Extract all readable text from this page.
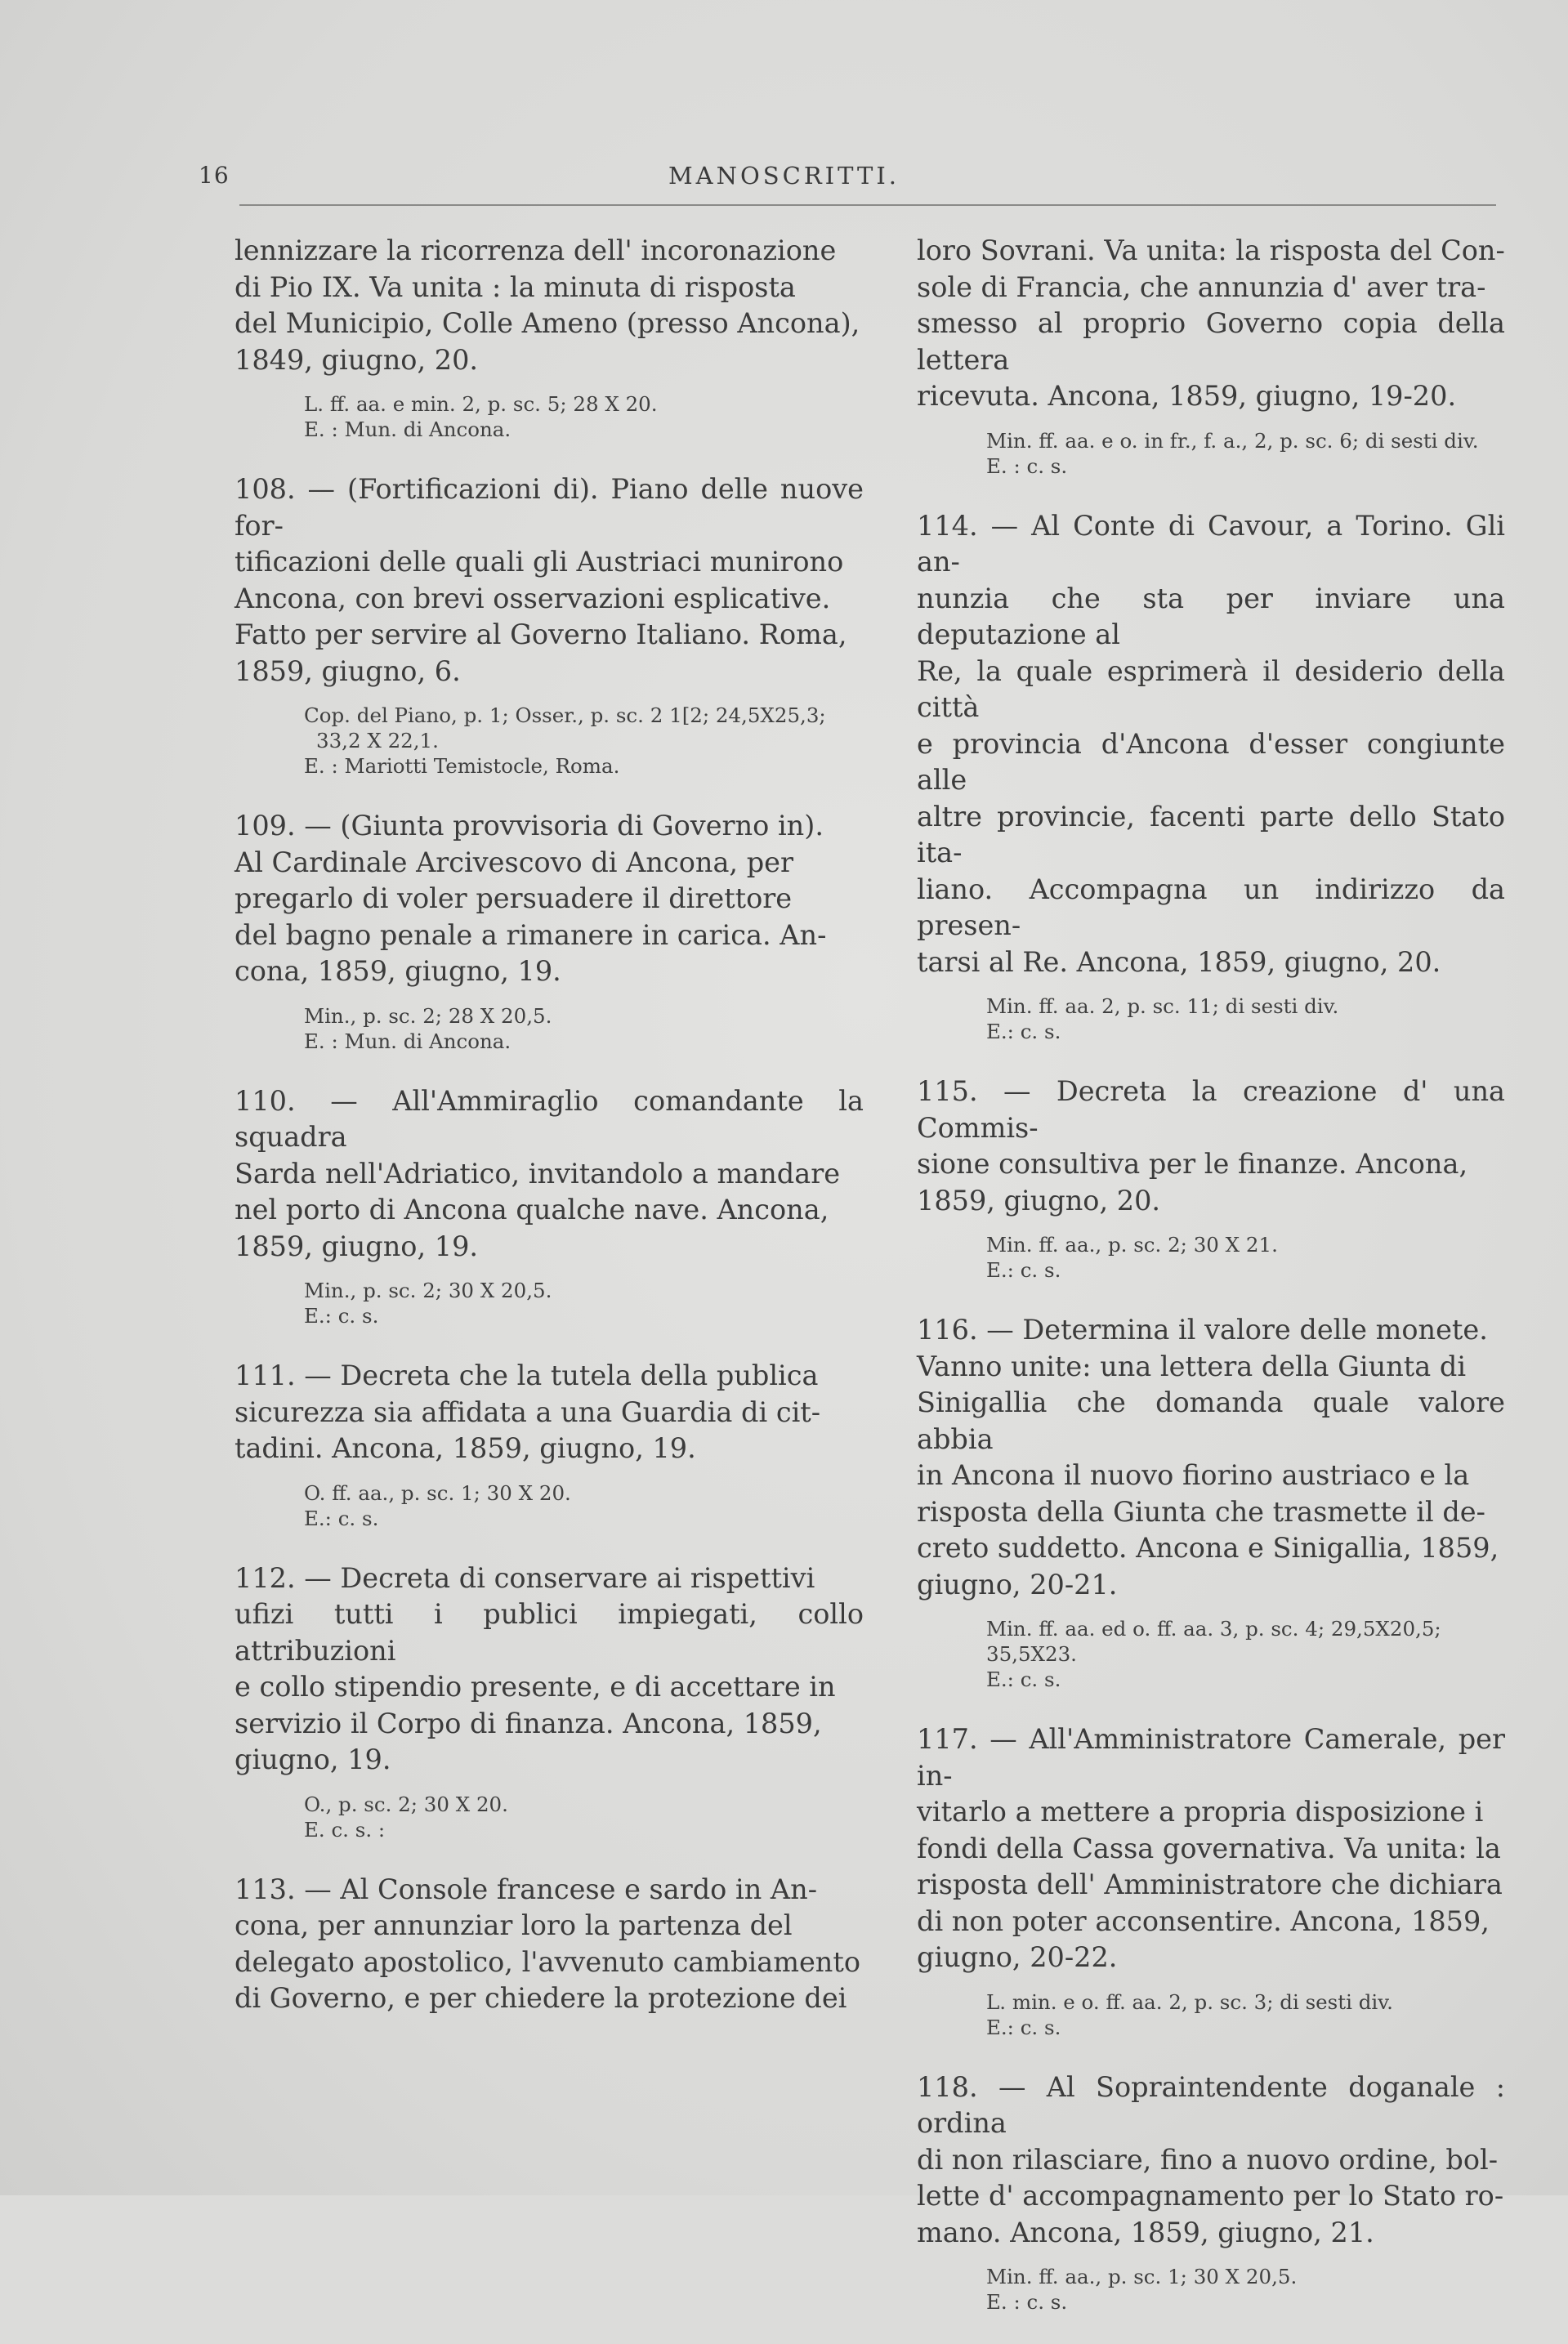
16	MANOSCRITTI.
lennizzare la ricorrenza dell' incoronazione
di Pio IX. Va unita : la minuta di risposta
del Municipio, Colle Ameno (presso Ancona),
1849, giugno, 20.
L. ff. aa. e min. 2, p. sc. 5; 28 X 20.
E. : Mun. di Ancona.
108. — (Fortificazioni di). Piano delle nuove for-
tificazioni delle quali gli Austriaci munirono
Ancona, con brevi osservazioni esplicative.
Fatto per servire al Governo Italiano. Roma,
1859, giugno, 6.
Cop. del Piano, p. 1; Osser., p. sc. 2 1[2; 24,5X25,3;
33,2 X 22,1.
E. : Mariotti Temistocle, Roma.
109. — (Giunta provvisoria di Governo in).
Al Cardinale Arcivescovo di Ancona, per
pregarlo di voler persuadere il direttore
del bagno penale a rimanere in carica. An-
cona, 1859, giugno, 19.
Min., p. sc. 2; 28 X 20,5.
E. : Mun. di Ancona.
110. — All'Ammiraglio comandante la squadra
Sarda nell'Adriatico, invitandolo a mandare
nel porto di Ancona qualche nave. Ancona,
1859, giugno, 19.
Min., p. sc. 2; 30 X 20,5.
E.: c. s.
111. — Decreta che la tutela della publica
sicurezza sia affidata a una Guardia di cit-
tadini. Ancona, 1859, giugno, 19.
O. ff. aa., p. sc. 1; 30 X 20.
E.: c. s.
112. — Decreta di conservare ai rispettivi
ufizi tutti i publici impiegati, collo attribuzioni
e collo stipendio presente, e di accettare in
servizio il Corpo di finanza. Ancona, 1859,
giugno, 19.
O., p. sc. 2; 30 X 20.
E. c. s. :
113. — Al Console francese e sardo in An-
cona, per annunziar loro la partenza del
delegato apostolico, l'avvenuto cambiamento
di Governo, e per chiedere la protezione dei
loro Sovrani. Va unita: la risposta del Con-
sole di Francia, che annunzia d' aver tra-
smesso al proprio Governo copia della lettera
ricevuta. Ancona, 1859, giugno, 19-20.
Min. ff. aa. e o. in fr., f. a., 2, p. sc. 6; di sesti div.
E. : c. s.
114. — Al Conte di Cavour, a Torino. Gli an-
nunzia che sta per inviare una deputazione al
Re, la quale esprimerà il desiderio della città
e provincia d'Ancona d'esser congiunte alle
altre provincie, facenti parte dello Stato ita-
liano. Accompagna un indirizzo da presen-
tarsi al Re. Ancona, 1859, giugno, 20.
Min. ff. aa. 2, p. sc. 11; di sesti div.
E.: c. s.
115. — Decreta la creazione d' una Commis-
sione consultiva per le finanze. Ancona,
1859, giugno, 20.
Min. ff. aa., p. sc. 2; 30 X 21.
E.: c. s.
116. — Determina il valore delle monete.
Vanno unite: una lettera della Giunta di
Sinigallia che domanda quale valore abbia
in Ancona il nuovo fiorino austriaco e la
risposta della Giunta che trasmette il de-
creto suddetto. Ancona e Sinigallia, 1859,
giugno, 20-21.
Min. ff. aa. ed o. ff. aa. 3, p. sc. 4; 29,5X20,5; 35,5X23.
E.: c. s.
117. — All'Amministratore Camerale, per in-
vitarlo a mettere a propria disposizione i
fondi della Cassa governativa. Va unita: la
risposta dell' Amministratore che dichiara
di non poter acconsentire. Ancona, 1859,
giugno, 20-22.
L. min. e o. ff. aa. 2, p. sc. 3; di sesti div.
E.: c. s.
118. — Al Sopraintendente doganale : ordina
di non rilasciare, fino a nuovo ordine, bol-
lette d' accompagnamento per lo Stato ro-
mano. Ancona, 1859, giugno, 21.
Min. ff. aa., p. sc. 1; 30 X 20,5.
E. : c. s.
